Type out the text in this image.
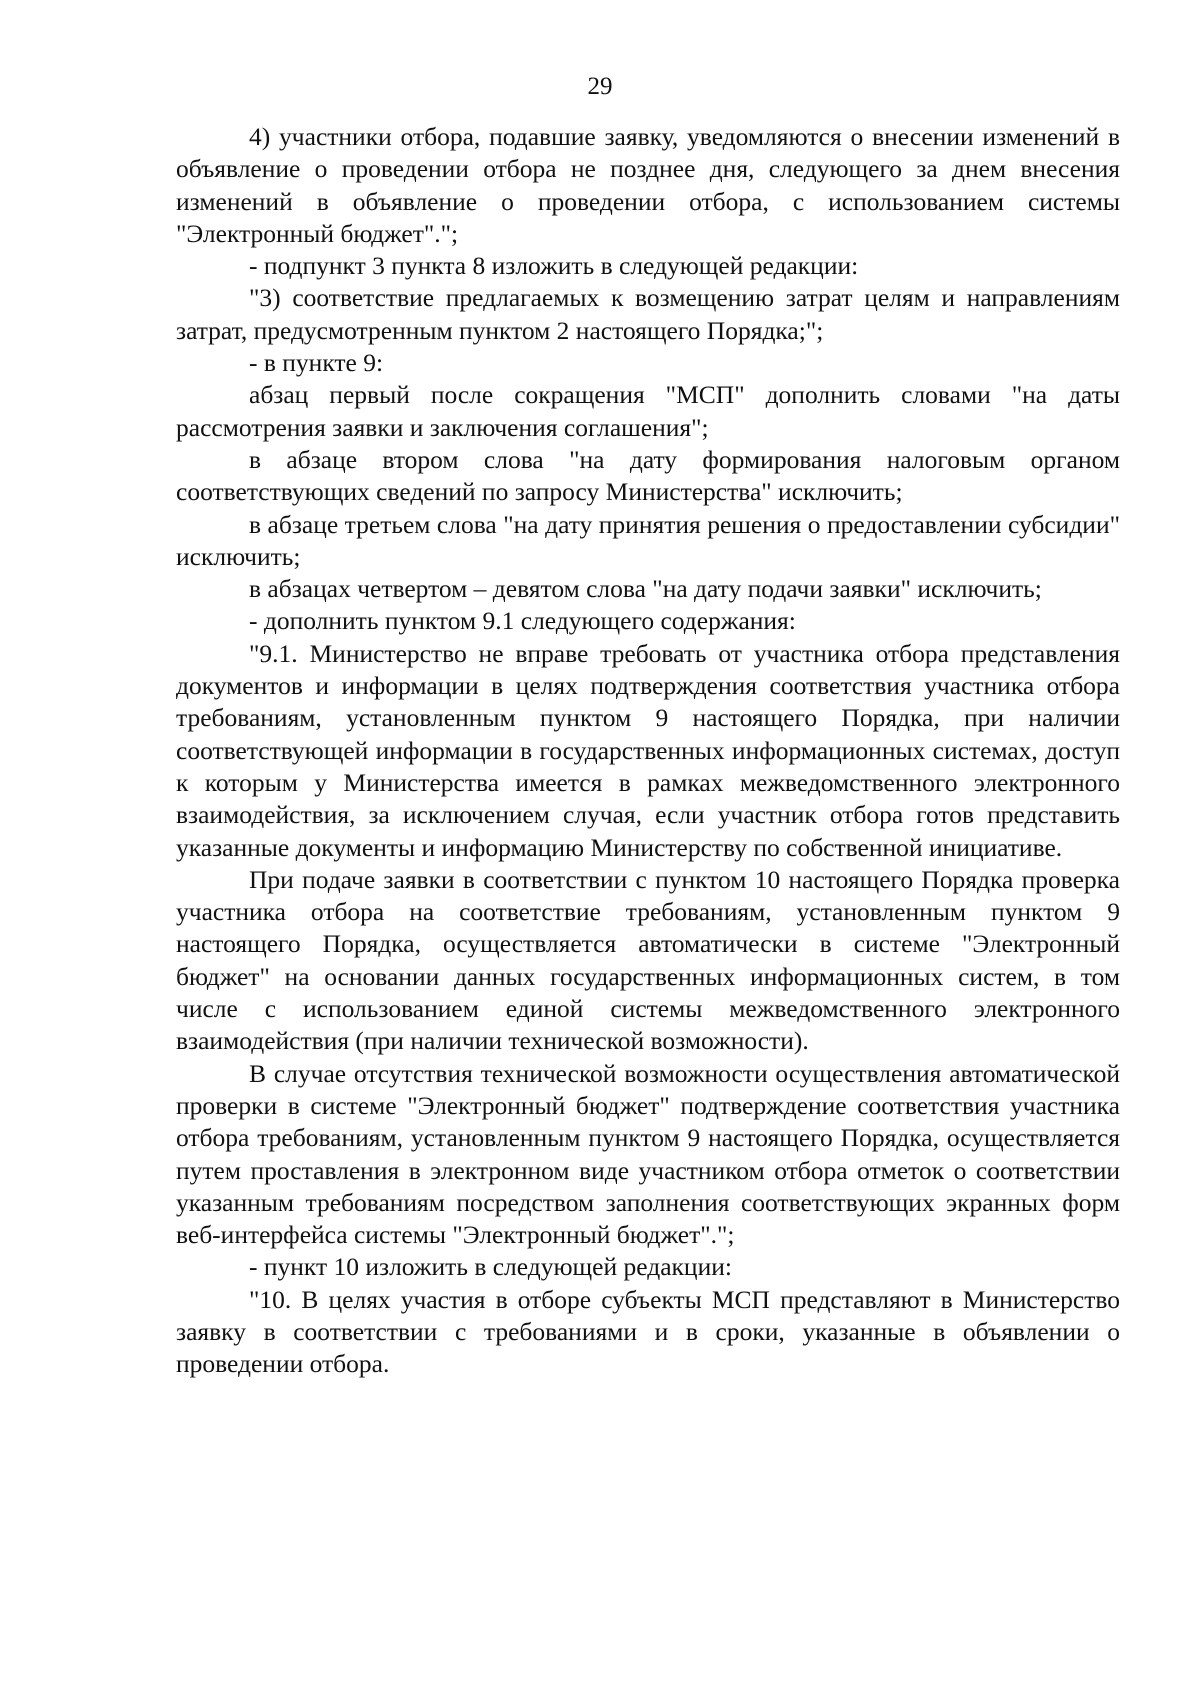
29

4) участники отбора, подавшие заявку, уведомляются о внесении изменений в объявление о проведении отбора не позднее дня, следующего за днем внесения изменений в объявление о проведении отбора, с использованием системы "Электронный бюджет".";

- подпункт 3 пункта 8 изложить в следующей редакции:

"3) соответствие предлагаемых к возмещению затрат целям и направлениям затрат, предусмотренным пунктом 2 настоящего Порядка;";

- в пункте 9:

абзац первый после сокращения "МСП" дополнить словами "на даты рассмотрения заявки и заключения соглашения";

в абзаце втором слова "на дату формирования налоговым органом соответствующих сведений по запросу Министерства" исключить;

в абзаце третьем слова "на дату принятия решения о предоставлении субсидии" исключить;

в абзацах четвертом – девятом слова "на дату подачи заявки" исключить;

- дополнить пунктом 9.1 следующего содержания:

"9.1. Министерство не вправе требовать от участника отбора представления документов и информации в целях подтверждения соответствия участника отбора требованиям, установленным пунктом 9 настоящего Порядка, при наличии соответствующей информации в государственных информационных системах, доступ к которым у Министерства имеется в рамках межведомственного электронного взаимодействия, за исключением случая, если участник отбора готов представить указанные документы и информацию Министерству по собственной инициативе.

При подаче заявки в соответствии с пунктом 10 настоящего Порядка проверка участника отбора на соответствие требованиям, установленным пунктом 9 настоящего Порядка, осуществляется автоматически в системе "Электронный бюджет" на основании данных государственных информационных систем, в том числе с использованием единой системы межведомственного электронного взаимодействия (при наличии технической возможности).

В случае отсутствия технической возможности осуществления автоматической проверки в системе "Электронный бюджет" подтверждение соответствия участника отбора требованиям, установленным пунктом 9 настоящего Порядка, осуществляется путем проставления в электронном виде участником отбора отметок о соответствии указанным требованиям посредством заполнения соответствующих экранных форм веб-интерфейса системы "Электронный бюджет".";

- пункт 10 изложить в следующей редакции:

"10. В целях участия в отборе субъекты МСП представляют в Министерство заявку в соответствии с требованиями и в сроки, указанные в объявлении о проведении отбора.
